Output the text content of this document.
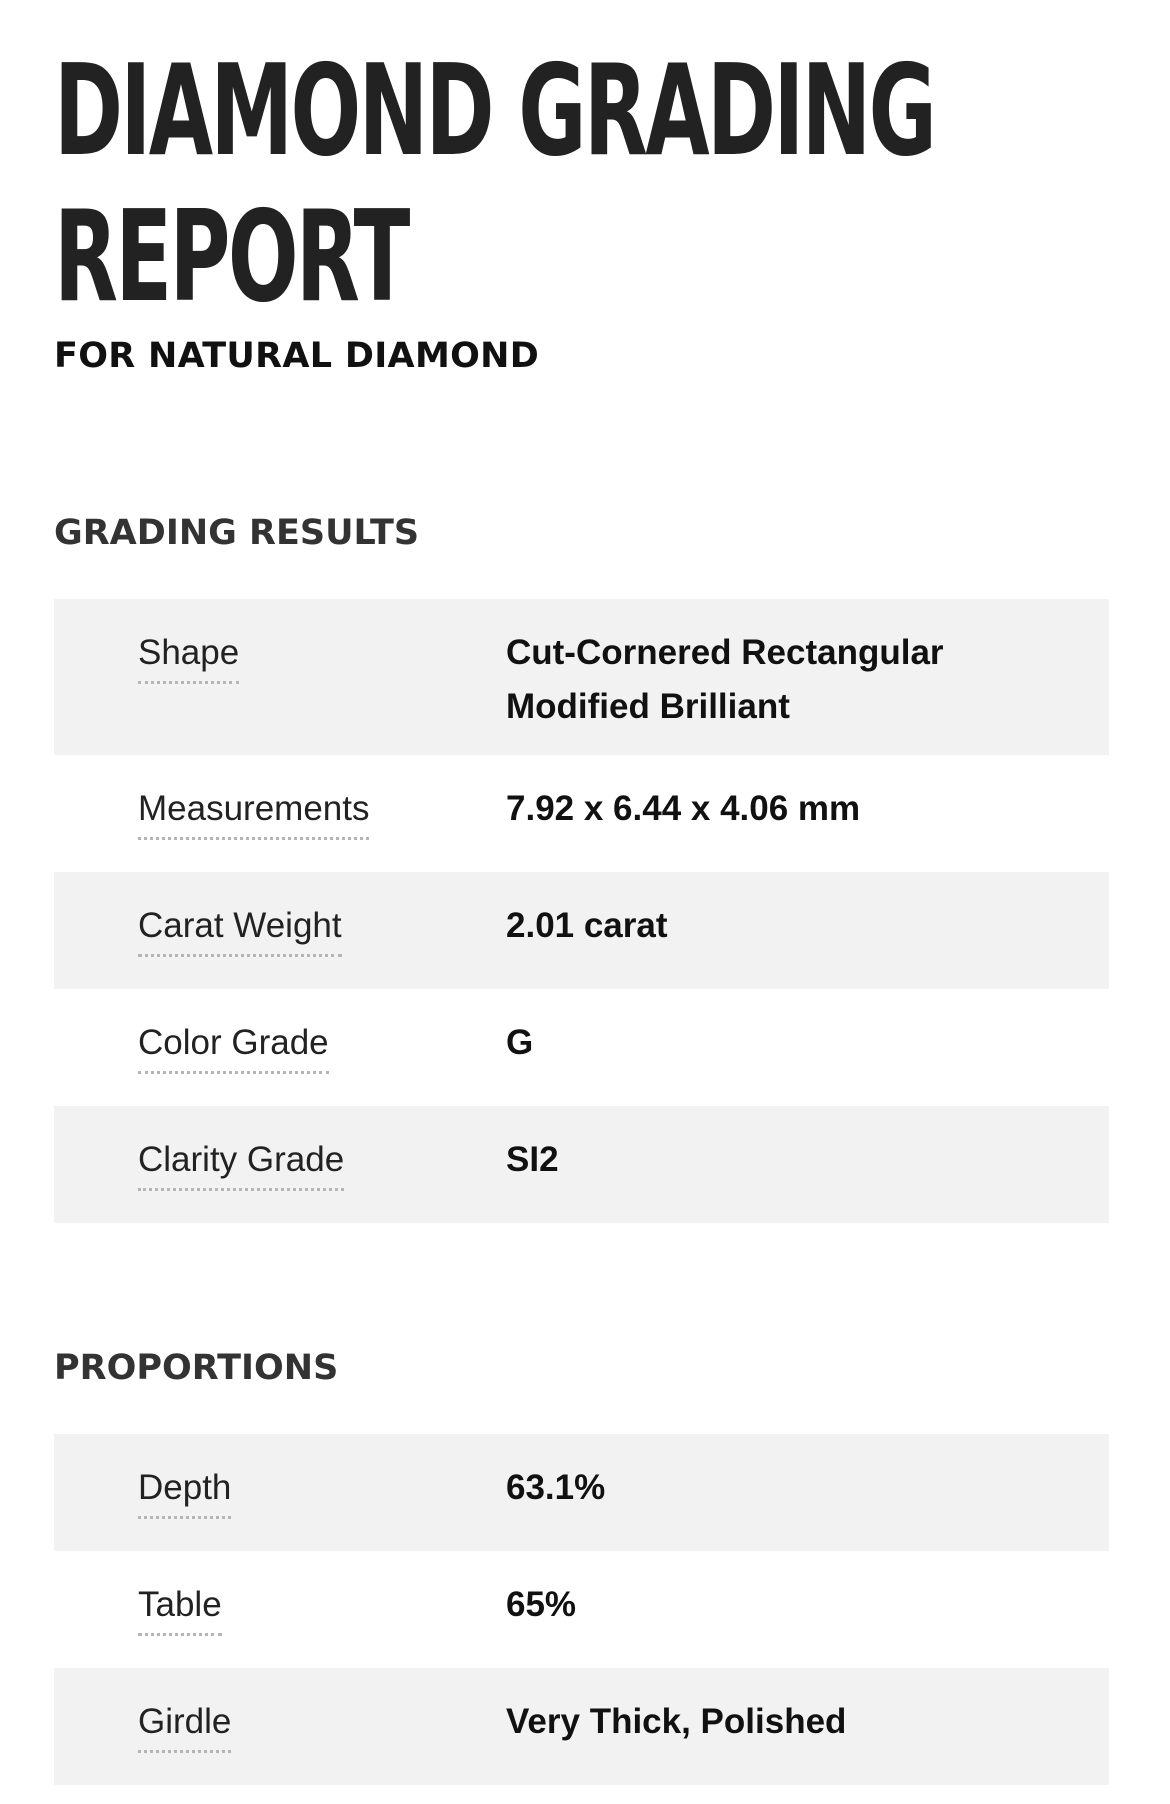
DIAMOND GRADING
REPORT
FOR NATURAL DIAMOND
GRADING RESULTS
Shape	Cut-Cornered Rectangular Modified Brilliant
Measurements	7.92 x 6.44 x 4.06 mm
Carat Weight	2.01 carat
Color Grade	G
Clarity Grade	SI2
PROPORTIONS
Depth	63.1%
Table	65%
Girdle	Very Thick, Polished
